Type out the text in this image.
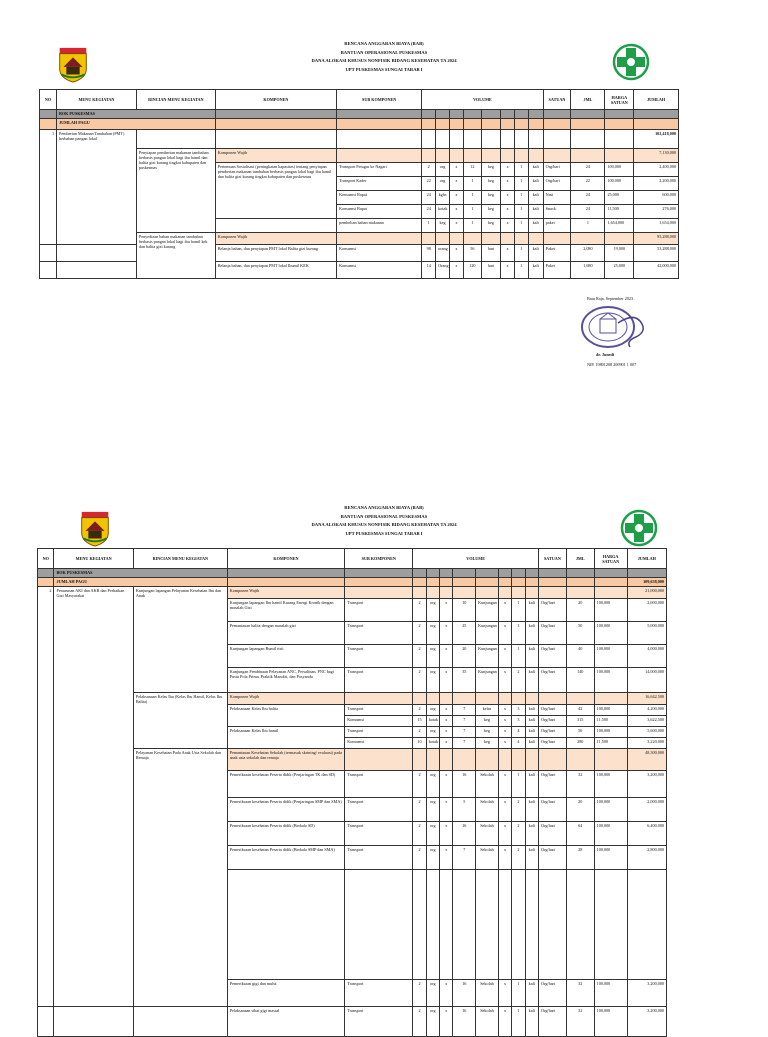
RENCANA ANGGARAN BIAYA (RAB)
BANTUAN OPERASIONAL PUSKESMAS
DANA ALOKASI KHUSUS NONFISIK BIDANG KESEHATAN TA 2024
UPT PUSKESMAS SUNGAI TARAB I
NO	MENU KEGIATAN	RINCIAN MENU KEGIATAN	KOMPONEN	SUB KOMPONEN	VOLUME								SATUAN	JML	HARGA SATUAN	JUMLAH
	BOK PUSKESMAS															
	JUMLAH PAGU															
1	Pemberian Makanan Tambahan (PMT) berbahan pangan lokal															102,418,000
		Penyiapan pemberian makanan tambahan berbasis pangan lokal bagi ibu hamil dan balita gizi kurang tingkat kabupaten dan puskesmas	Komponen Wajib													7,130,000
			Pertemuan Sosialisasi (peningkatan kapasitas) tentang penyiapan pemberian makanan tambahan berbasis pangan lokal bagi ibu hamil dan balita gizi kurang tingkat kabupaten dan puskesmas	Transport Petugas ke Nagari	2	org	x	12	keg	x	1	kali	Org/hari	24	100,000	2,400,000
				Transport Kader	22	org	x	1	keg	x	1	kali	Org/hari	22	100,000	2,200,000
				Konsumsi Rapat	24	kghs	x	1	keg	x	1	kali	Nasi	24	25,000	600,000
				Konsumsi Rapat	24	kotak	x	1	keg	x	1	kali	Snack	24	11,500	276,000
				pembelian bahan makanan	1	keg	x	1	keg	x	1	kali	paket	1	1,654,000	1,654,000
		Penyediaan bahan makanan tambahan berbasis pangan lokal bagi ibu hamil kek dan balita gizi kurang	Komponen Wajib													95,288,000
			Belanja bahan, dan penyiapan PMT lokal Balita gizi kurang	Konsumsi	98	orang	x	56	hari	x	1	kali	Paket	2,080	19,000	53,288,000
			Belanja bahan, dan penyiapan PMT lokal Ibumil KEK	Konsumsi	14	Orang	x	120	hari	x	1	kali	Paket	1,680	25,000	42,000,000
Batu Raja, September 2023
dr. Junedi
NIP. 19801208 200901 1 007
RENCANA ANGGARAN BIAYA (RAB)
BANTUAN OPERASIONAL PUSKESMAS
DANA ALOKASI KHUSUS NONFISIK BIDANG KESEHATAN TA 2024
UPT PUSKESMAS SUNGAI TARAB I
NO	MENU KEGIATAN	RINCIAN MENU KEGIATAN	KOMPONEN	SUB KOMPONEN	VOLUME								SATUAN	JML	HARGA SATUAN	JUMLAH
	BOK PUSKESMAS															
	JUMLAH PAGU															109,638,000
2	Penurunan AKI dan AKB dan Perbaikan Gizi Masyarakat	Kunjungan lapangan Pelayanan Kesehatan Ibu dan Anak	Komponen Wajib													21,000,000
			Kunjungan lapangan Ibu hamil Kurang Energi Kronik dengan masalah Gizi	Transport	2	org	x	10	Kunjungan	x	1	kali	Org/hari	20	100,000	2,000,000
			Pemantauan balita dengan masalah gizi	Transport	2	org	x	25	Kunjungan	x	1	kali	Org/hari	50	100,000	5,000,000
			Kunjungan lapangan Bumil risti	Transport	2	org	x	20	Kunjungan	x	1	kali	Org/hari	40	100,000	4,000,000
			Kunjungan Pembinaan Pelayanan ANC, Persalinan, PNC bagi Pustu Pola Prima, Praktik Mandiri, dan Posyandu	Transport	2	org	x	35	Kunjungan	x	2	kali	Org/hari	140	100,000	14,000,000
		Pelaksanaan Kelas Ibu (Kelas Ibu Hamil, Kelas Ibu Balita)	Komponen Wajib													16,642,500
			Pelaksanaan Kelas Ibu balita	Transport	2	org	x	7	kelas	x	3	kali	Org/hari	42	100,000	4,200,000
				Konsumsi	15	kotak	x	7	keg	x	3	kali	Org/hari	315	11,500	3,622,500
			Pelaksanaan Kelas Ibu hamil	Transport	2	org	x	7	keg	x	4	kali	Org/hari	56	100,000	5,600,000
				Konsumsi	10	kotak	x	7	keg	x	4	kali	Org/hari	280	11,500	3,220,000
		Pelayanan Kesehatan Pada Anak Usia Sekolah dan Remaja	Pemantauan Kesehatan Sekolah (termasuk skrining/ evaluasi) pada anak usia sekolah dan remaja													48,300,000
			Pemeriksaan kesehatan Peserta didik (Penjaringan TK dan SD)	Transport	2	org	x	16	Sekolah	x	1	kali	Org/hari	32	100,000	3,200,000
			Pemeriksaan kesehatan Peserta didik (Penjaringan SMP dan SMA)	Transport	2	org	x	5	Sekolah	x	2	kali	Org/hari	20	100,000	2,000,000
			Pemeriksaan kesehatan Peserta didik (Berkala SD)	Transport	2	org	x	16	Sekolah	x	2	kali	Org/hari	64	100,000	6,400,000
			Pemeriksaan kesehatan Peserta didik (Berkala SMP dan SMA)	Transport	2	org	x	7	Sekolah	x	2	kali	Org/hari	28	100,000	2,800,000

			Pemeriksaan gigi dan mulut	Transport	2	org	x	16	Sekolah	x	1	kali	Org/hari	32	100,000	3,200,000
			Pelaksanaan sikat gigi massal	Transport	2	org	x	16	Sekolah	x	1	kali	Org/hari	32	100,000	3,200,000
